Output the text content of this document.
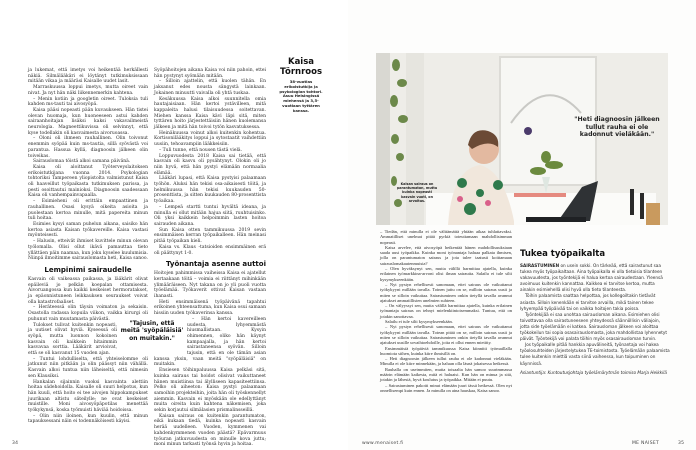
ja lukemat, että imetys voi heikentää herkällesti näkiä. Silmälääkäri ei löytänyt tutkimuksissaan mitään vikaa ja määräsi Kaisalle uudet lasit.

Marraskuussa loppui imetys, mutta oireet vain nivat. Ja nyt hän näki liikennemerkin kahtena.

– Menin kotiin ja googletin oireet. Tuloksia tuli kahden ms-tauti tai aivosyöpä.

Kaisa pääsi nopeasti pään kuvaukseen. Hän tistei olevan huomaja, kun huoneeseen astui kahden sairaanhoitajan lisäksi kaksi vakavailmeistä neurologia. Magneettikuvissa oli selvinnyt, että kyse todellakin oli kasvaimesta aivoruoassa.

– Oloni oli ihmeen rauhallinen. Olin toivonut enemmin syöpää kuin ms-tautia, sillä syövästä voi parantua. Hassua kyllä, diagnoosin jälkeen olin toiveikas.

Sairauslomaa töistä alkoi samana päivänä.

Kaisa oli aloittanut Työterveyslaitoksen erikoistutkijana vuonna 2014. Psykologian tohtoriksi Tampereen yliopistolta valmistunut Kaisa oli haaveillut työpaikasta tutkimuksen parissa, ja pesti osoittautui mainioksi. Diagnoosin saadessaan Kaisa oli vanhempainvapaalla.

– Esimieheni oli erittäin empaattinen ja rauhallinen. Osasi kysyä oikeita asioita ja puolestaan kertoa minulle, mitä papereita minun tuli hoitaa.

Esimies kysyi saman puhelun aikana, saisiko hän kertoa asiasta Kaisan työkavereille. Kaisa vastasi myönteisesti.

– Halusin, etteivät ihmiset kuvittele minun olevan työlomalla. Olisi ollut ikävä pamauttaa tieto yllättäen päin naamaa, kun joku kyselee kuulumisia. Niinpä ilmoitimme sairauslomasta heti, Kaisa sanoo.

Lempinimi sairaudelle

Kasvain oli vaikeassa paikassa, ja lääkärit olivat epäileviä jo pelkän koepalan ottamisesta. Aivoruangossa kun kaikki keskeiset hermoratakset, ja epäonnistuneen leikkauksen seuraukset voivat olla katastrofaaliset.

– Heräteessä olin täysin voimaton ja sekaisin. Osastolla radassa kopuila viikon, vaikka kirurgi oli puhunut vain muutamasta päivästä.

Tulokset tulivat kuitenkin nopeasti, ja uutiset olivat hyviä. Kyseessä oli syöpä, mutta luonnon kokoinen kasvain oli kaikkein hitaimmin kasvavaa sorttia. Lääkärit arvioivat, että se oli kasvanut 15 vuoden ajan.

– Tuntui lohdulliselta, että yhteiselomme oli jatkunut niin pitkään ja olin päässyt niin vähällä. Kasvain alkoi tuntua niin läheiseltä, että nimesin sen Klausiksi.

Hankalan sijainnin vuoksi kasvainta alettiin hoitaa sädehoidolla. Kaisalle oli suuri helpotus, kun hän kuuli, että hoito ei tee aivojen hippokampukset juurikaan altistu säteilylle; ne ovat keskeiset muistille. Moni aivosyöpäpotilas menettää työkykynsä, koska työmuisti häviää hoidoissa.

– Olin niin iloinen, kun kuulin, että minun tapauksessani näin ei todennäköisesti käyisi.

Syöpähoitojen aikana Kaisa voi niin pahoin, ettei hän pystynyt syömään mitään.

– Silloin ajattelin, että kuolen tähän. En jaksanut edes nousta sängystä lainkaan. Jokainen minuutti vaivalla oli yhtä tuskaa.

Kesäkuussa Kaisa alkoi suunnitella omia hautajaisiaan. Hän kertoi ystävilleen, mitä kappaleita halusi tilaisuudessa soitettavan. Miehen kanssa Kaisa kävi läpi sitä, miten tyttären hoito järjestettäisiin hänen kuolemansa jälkeen ja mitä hän toivoi tytön kasvatuksessa.

Heinäkuussa voinut alkoi kuitenkin kohentua. Kortisonilääkitys loppui ja sytostaatit vaihdettiin uusiin, tehoavampiin lääkkeisiin.

– Tuli tunne, että nousen tästä vielä.

Loppuvuodesta 2018 Kaisa sai tietää, että kasvain oli kasvu oli pysähtynyt. Olokin oli jo niin hyvä, että hän pystyi elämään normaalia elämää.

Lääkäri lupasi, että Kaisa pystyisi palaamaan työhön. Aluksi hän tekisi osa-aikaisesti töitä, ja helmikuussa hän tekisi kuukauden 50-prosenttista, ja sitten kuukauden 80-prosenttista työaikaa.

– Lempeä startti tuntui hyvältä ideana, ja minulla ei ollut mitään hajua siitä, ruuhtuisinko. Oli yksi kaikkein helpoimmin lasten hoitoa sairauden aikana.

Sun Kaisa otten tammikuussa 2019 sevin ensimmäisen kerran työpaikalleen. Hän meinasi pitää työpaikan kieli.

Kaisa vs. Klaus -tatsioiden ensimmäinen erä oli päättynyt 1-0.

Työnantaja asenne auttoi

Hoitojen pahimmissa vaiheissa Kaisa ei ajatellut kertaakaan töitä – voimia ei riittänyt mihinkään ylimääräiseen. Nyt takana on jo yli puoli vuotta työelämää. Työkaverit ottivat Kaisan vastaan ihanasti.

Heti ensimmäisenä työpäivänä tapahtui erikoinen yhteensattuma, kun Kaisa osui samaan hissiin uuden työkaverinsa kanssa.

– Hän kertoi kavereilleen uudesta, lyhyemmästä hiusmallistaan. Kysyin ohimennen, oliko hän käynyt kampaajalla, ja hän kertoi sairastaneensa syövän. Silloin tajusin, että en ole tämän asian kanssa yksin, vaan meitä "syöpäläisiä" on muitakin.

Ensiesen töihinpaluussa Kaisa pelkäsi sitä, kuinka sairaus tai hoidot olisivat vaikuttaneet hänen muistiinsa tai älylliseen kapasiteettiinsa. Pelko oli aiheeton: Kaisa pystyi palaamaan samoihin projekteihin, joita hän oli työskennellyt aiemmin. Kasvain ei myöskään ole edellyttänyt muita oireita kuin kahtena näkemisen, joka sekin korjautui silmälasien prismalinsseillä.

Kaisan sairaus on kuitenkin parantumaton, eikä kukaan tiedä, kuinka nopeasti kasvain herää uudelleen. Vuoden, kymmenen vai kahdenkymmenen vuoden päästä? Epävarmuus työuran jatkuvuudesta on minulle kova juttu; moni minun tarkasti työnsä hyvin ja hoitaa.

Kaisa
Törnroos
38-vuotias erikoistutkija ja psykologian tohtori. Asuu Helsingissä miehensä ja 3,5-vuotiaan tyttären kanssa.
"Tajusin, että meitä 'syöpäläisiä' on muitakin."
34
"Heti diagnoosin jälkeen tullut rauha ei ole kadonnut vieläkään."
Kaisan sairaus on parantumaton, mutta kuinka nopeasti kasvain vuoti, on arvoitus.

– Tiedän, että minulla ei ole välttämättä yhtään aikaa tuhlattavaksi. Ammatilliset unelmat pitää pyrkiä toteuttamaan mahdollisimman nopeasti.

Kaisa arvelee, että aivosyöpä heikentää hänen mahdollisuuksiaan saada uusi työpaikka. Kuinka moni työnantaja haluaa palkata ihmisen, jolla on parantumaton sairaus ja jota tulee taatusti koittamaan sairauslomakautenmuisia?

– Olen hyväksynyt sen, mutta välillä harmittaa ajatella, kuinka erilainen työmarkkina-arvoni olisi ilman sairautta. Salailu ei tule silti kysymykseenkään.

– Nyt pystyn rehellisesti sanomaan, ettei sairaus ole vaikuttanut työkykyyni millään tavalla. Toinen juttu on se, milloin sairaus uusii ja miten se silloin vaikuttaa. Sairastuminen onkin tietyllä tavalla avannut ajatukset ammatillisten unelmien suhteen.

– On välyyssyi sen, mutta välillä harmittaa ajatella, kuinka erilainen työnantaja sairaus on tehnyt mielenkiintoisemmaksi. Tuntuu, että on jotakin sanottavaa.

Salailu ei tule silti kysymykseenkään.

– Nyt pystyn rehellisesti sanomaan, ettei sairaus ole vaikuttanut työkykyyni millään tavalla. Totean pitää on se, milloin sairaus uusii ja miten se silloin vaikuttaa. Sairastuminen onkin tietyllä tavalla avannut ajatukset uusille urvaihtoehdoille, joita ei ollut ennen mietitty.

Ensimmäisiä työpäiviä tammikuussa Kaisa kiinnitti työmaillalla huomiota siihen, kuinka kiire ihmisillä on.

– Heti diagnoosin jälkeen tullut rauha ei ole kadonnut vieläkään. Minulla ei ole kiire minnekään, ja haluan olla läsnä jokaisessa hetkessä.

Rauhalla on useimmiten, mutta toisaalta hän samoo suurimmassa määrin elämään kaikesta, mitä ei haluaisi. Kun hän on minua ja sitä, jotakin ja lähesiä, hyvä koulutus ja työpaikka. Mitään ei puutu.

– Sairastuminen pakotti minut elämään juuri tässä hetkessä. Olen nyt onnellisempi kuin ennen. Ja minulla on aina hauskaa, Kaisa sanoo.

Tukea työpaikalta

SAIRASTUMINEN on usein sokki. On tärkeää, että sairastunut saa tukea myös työpaikaltaan. Aina työpaikalla ei olla tietoisia tilanteen vakavuudesta, jos työntekijä ei halua kertoa sairaudestaan. Yleensä avoimuus kuitenkin kannattaa. Kaikkea ei tarvitse kertoa, mutta ainakin esimiehellä olisi hyvä olla tieto tilanteesta.

Töihin palaamista saattaa helpottaa, jos kollegoiltakin tietävät asiasta. Silloin kenenkään ei tarvitse arvailla, mikä tainen tekee lyhyempää työpäivää tai on vaikka hoitojen takia poissa.

Työntekijää ei saa unohtaa sairausloman aikana. Esimiehen olisi toivottavaa olla sairastuneeseen yhteydessä säännöllisin väliajoin, jotta side työelämään ei katkea. Sairausloman jälkeen voi aloittaa työkokeilun tai sopia osasairauslomasta, joka mahdollistaa lyhennetyt päivät. Työntekijä voi palata töihin myös osasairausloman turvin.

Jos työpaikalle pitää hankkia apuvälineitä, työnantaja voi hakea työolosuhteiden järjestelytukea TE-toimistosta. Työelämään palaamista tulee kuitenkin miettiä vasta siinä vaiheessa, kun toipuminen on käynnissä.

Asiantuntija: Kuntoutusjohtaja työelämärytmän toimiso Marja Heikkilä

www.menaiset.fi	ME NAISET	35
